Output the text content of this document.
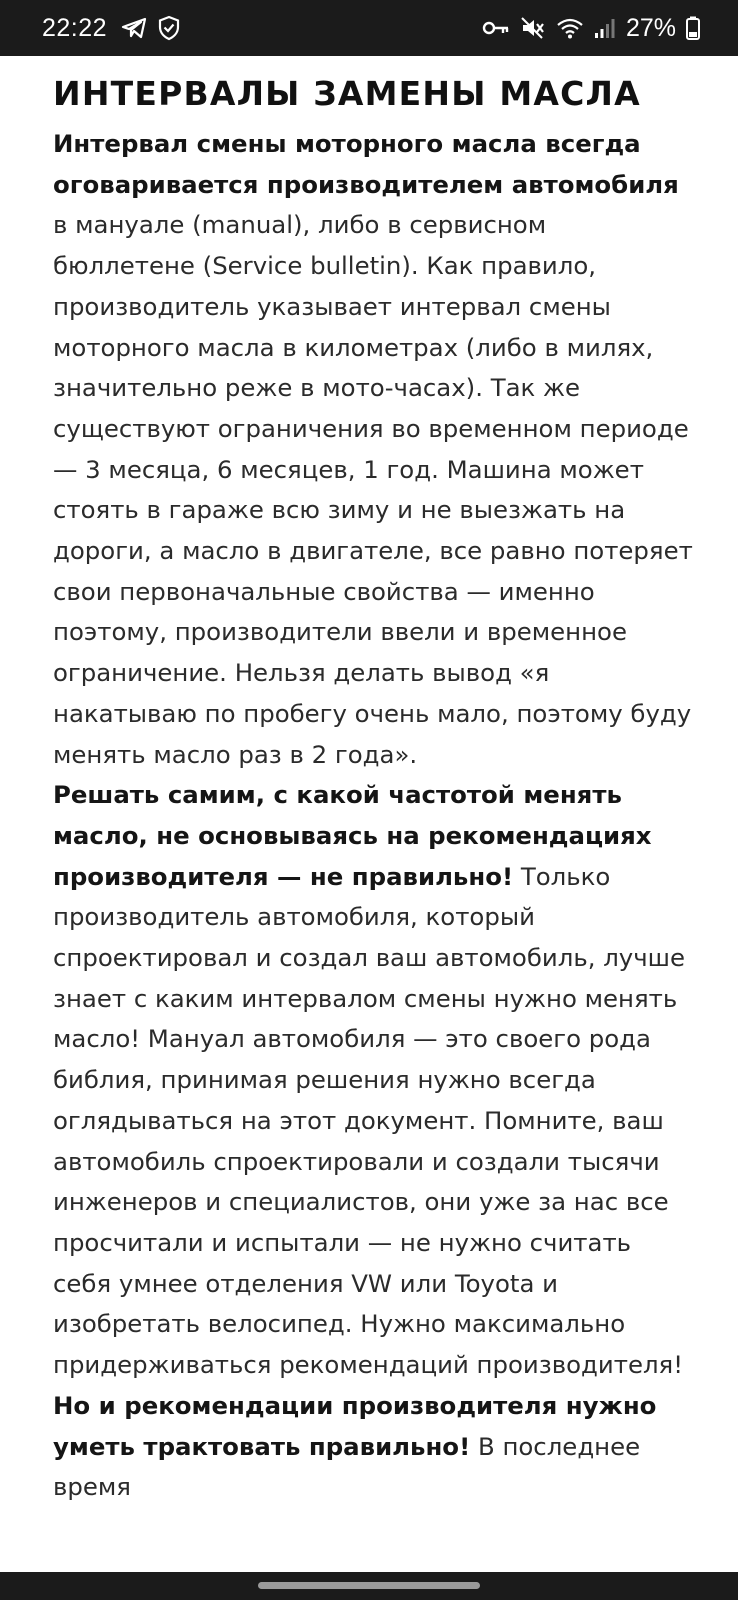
22:22	27%
ИНТЕРВАЛЫ ЗАМЕНЫ МАСЛА

Интервал смены моторного масла всегда оговаривается производителем автомобиля в мануале (manual), либо в сервисном бюллетене (Service bulletin). Как правило, производитель указывает интервал смены моторного масла в километрах (либо в милях, значительно реже в мото-часах). Так же существуют ограничения во временном периоде — 3 месяца, 6 месяцев, 1 год. Машина может стоять в гараже всю зиму и не выезжать на дороги, а масло в двигателе, все равно потеряет свои первоначальные свойства — именно поэтому, производители ввели и временное ограничение. Нельзя делать вывод «я накатываю по пробегу очень мало, поэтому буду менять масло раз в 2 года».
Решать самим, с какой частотой менять масло, не основываясь на рекомендациях производителя — не правильно! Только производитель автомобиля, который спроектировал и создал ваш автомобиль, лучше знает с каким интервалом смены нужно менять масло! Мануал автомобиля — это своего рода библия, принимая решения нужно всегда оглядываться на этот документ. Помните, ваш автомобиль спроектировали и создали тысячи инженеров и специалистов, они уже за нас все просчитали и испытали — не нужно считать себя умнее отделения VW или Toyota и изобретать велосипед. Нужно максимально придерживаться рекомендаций производителя! Но и рекомендации производителя нужно уметь трактовать правильно! В последнее время
